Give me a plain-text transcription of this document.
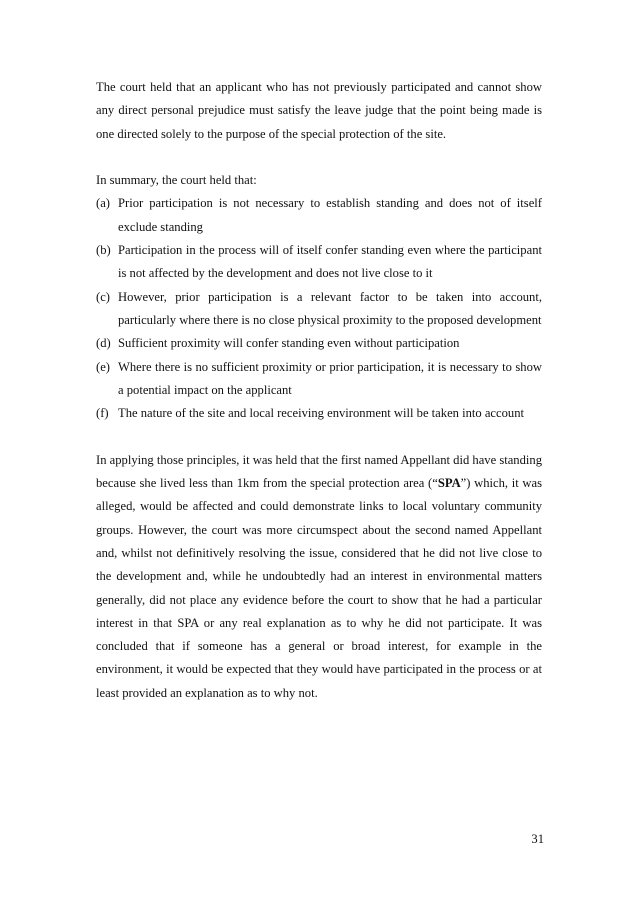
The court held that an applicant who has not previously participated and cannot show any direct personal prejudice must satisfy the leave judge that the point being made is one directed solely to the purpose of the special protection of the site.

In summary, the court held that:

(a) Prior participation is not necessary to establish standing and does not of itself exclude standing
(b) Participation in the process will of itself confer standing even where the participant is not affected by the development and does not live close to it
(c) However, prior participation is a relevant factor to be taken into account, particularly where there is no close physical proximity to the proposed development
(d) Sufficient proximity will confer standing even without participation
(e) Where there is no sufficient proximity or prior participation, it is necessary to show a potential impact on the applicant
(f) The nature of the site and local receiving environment will be taken into account

In applying those principles, it was held that the first named Appellant did have standing because she lived less than 1km from the special protection area (“SPA”) which, it was alleged, would be affected and could demonstrate links to local voluntary community groups. However, the court was more circumspect about the second named Appellant and, whilst not definitively resolving the issue, considered that he did not live close to the development and, while he undoubtedly had an interest in environmental matters generally, did not place any evidence before the court to show that he had a particular interest in that SPA or any real explanation as to why he did not participate. It was concluded that if someone has a general or broad interest, for example in the environment, it would be expected that they would have participated in the process or at least provided an explanation as to why not.

31
